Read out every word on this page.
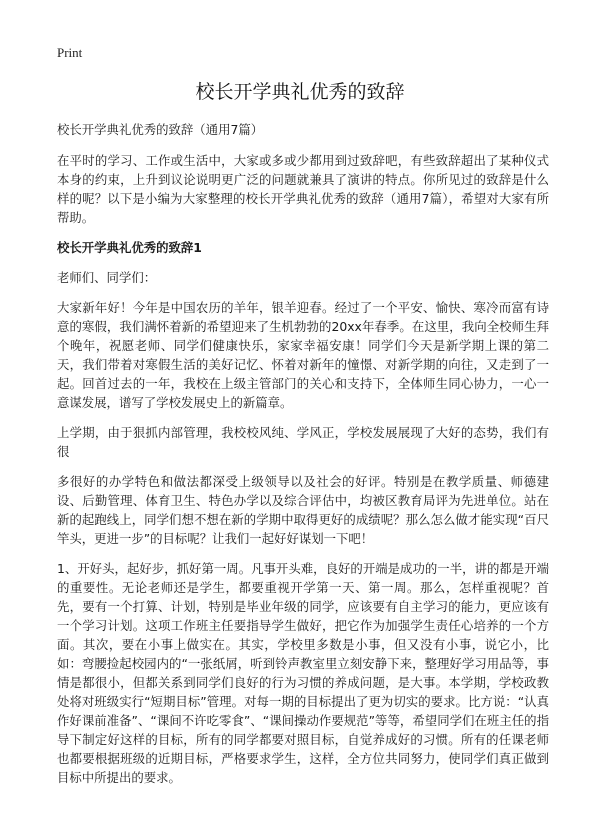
Print
校长开学典礼优秀的致辞

校长开学典礼优秀的致辞（通用7篇）

在平时的学习、工作或生活中，大家或多或少都用到过致辞吧，有些致辞超出了某种仪式本身的约束，上升到议论说明更广泛的问题就兼具了演讲的特点。你所见过的致辞是什么样的呢？以下是小编为大家整理的校长开学典礼优秀的致辞（通用7篇），希望对大家有所帮助。

校长开学典礼优秀的致辞1

老师们、同学们：

大家新年好！今年是中国农历的羊年，银羊迎春。经过了一个平安、愉快、寒冷而富有诗意的寒假，我们满怀着新的希望迎来了生机勃勃的20xx年春季。在这里，我向全校师生拜个晚年，祝愿老师、同学们健康快乐，家家幸福安康！同学们今天是新学期上课的第二天，我们带着对寒假生活的美好记忆、怀着对新年的憧憬、对新学期的向往，又走到了一起。回首过去的一年，我校在上级主管部门的关心和支持下，全体师生同心协力，一心一意谋发展，谱写了学校发展史上的新篇章。

上学期，由于狠抓内部管理，我校校风纯、学风正，学校发展展现了大好的态势，我们有很

多很好的办学特色和做法都深受上级领导以及社会的好评。特别是在教学质量、师德建设、后勤管理、体育卫生、特色办学以及综合评估中，均被区教育局评为先进单位。站在新的起跑线上，同学们想不想在新的学期中取得更好的成绩呢？那么怎么做才能实现“百尺竿头，更进一步”的目标呢？让我们一起好好谋划一下吧！

1、开好头，起好步，抓好第一周。凡事开头难，良好的开端是成功的一半，讲的都是开端的重要性。无论老师还是学生，都要重视开学第一天、第一周。那么，怎样重视呢？首先，要有一个打算、计划，特别是毕业年级的同学，应该要有自主学习的能力，更应该有一个学习计划。这项工作班主任要指导学生做好，把它作为加强学生责任心培养的一个方面。其次，要在小事上做实在。其实，学校里多数是小事，但又没有小事，说它小，比如：弯腰捡起校园内的“一张纸屑，听到铃声教室里立刻安静下来，整理好学习用品等，事情是都很小，但都关系到同学们良好的行为习惯的养成问题，是大事。本学期，学校政教处将对班级实行“短期目标”管理。对每一期的目标提出了更为切实的要求。比方说：“认真作好课前准备”、“课间不许吃零食”、“课间操动作要规范”等等，希望同学们在班主任的指导下制定好这样的目标，所有的同学都要对照目标，自觉养成好的习惯。所有的任课老师也都要根据班级的近期目标，严格要求学生，这样，全方位共同努力，使同学们真正做到目标中所提出的要求。
